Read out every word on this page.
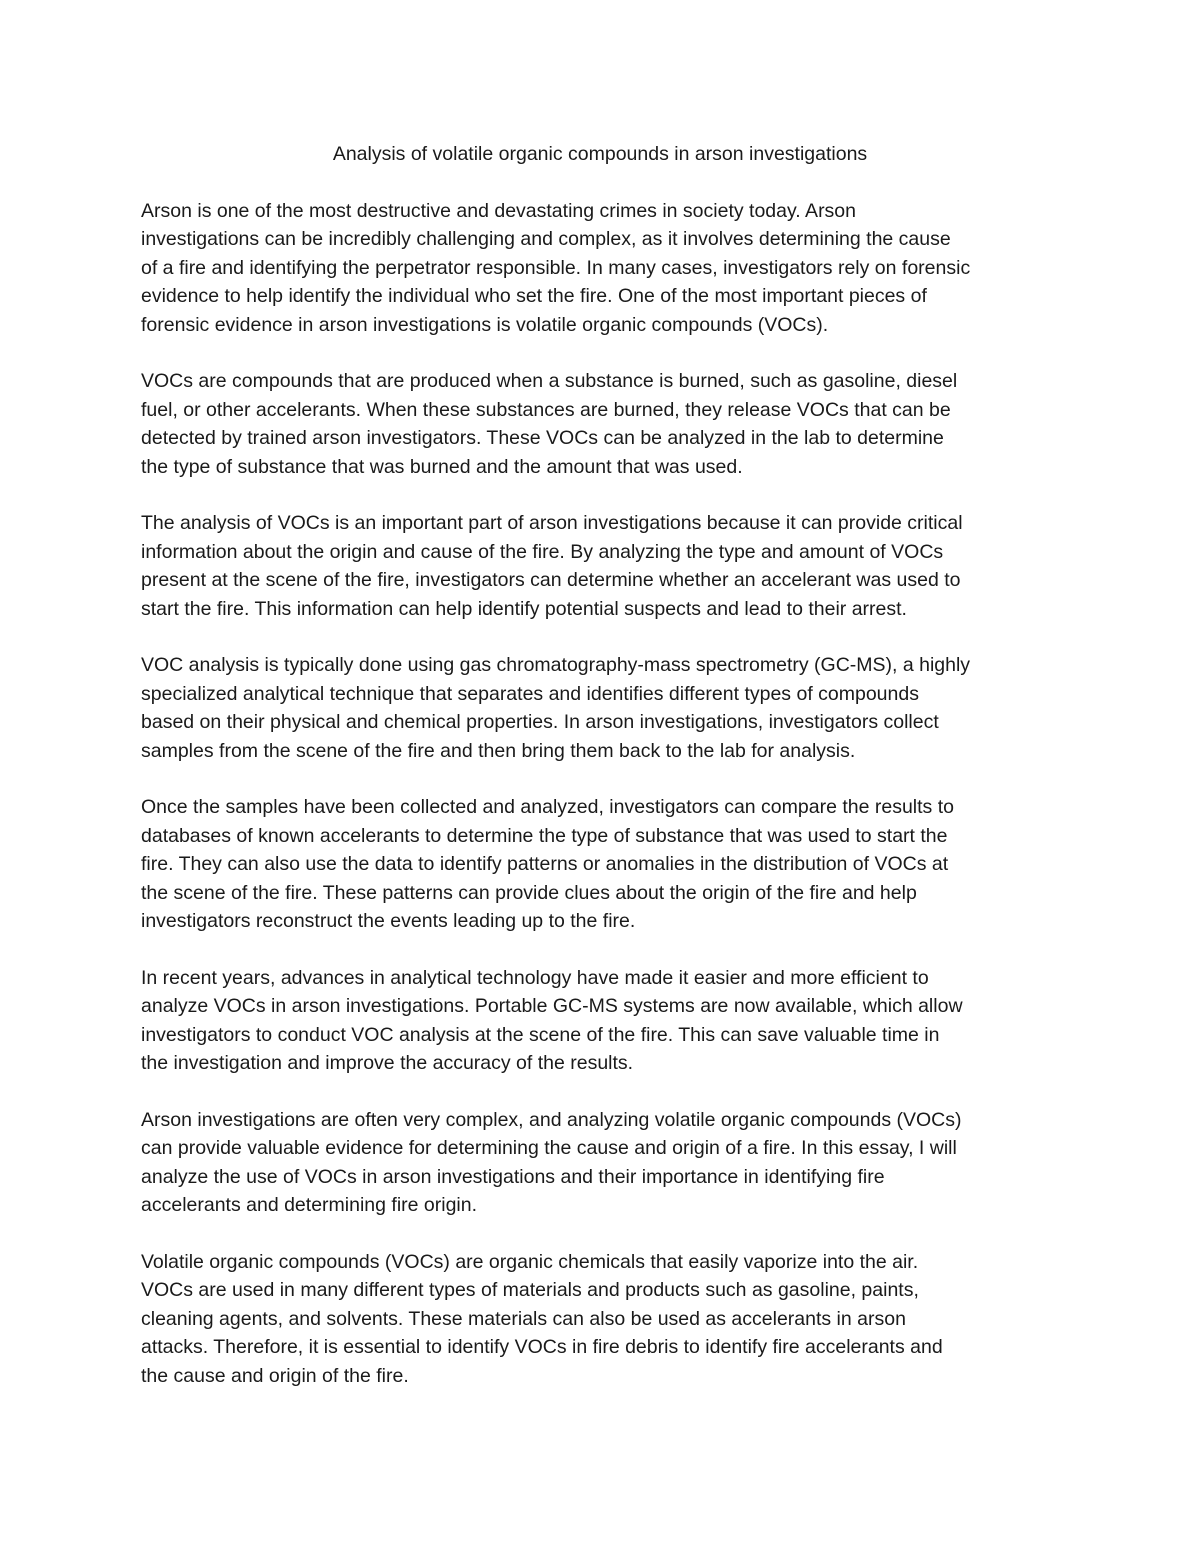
Analysis of volatile organic compounds in arson investigations

Arson is one of the most destructive and devastating crimes in society today. Arson
investigations can be incredibly challenging and complex, as it involves determining the cause
of a fire and identifying the perpetrator responsible. In many cases, investigators rely on forensic
evidence to help identify the individual who set the fire. One of the most important pieces of
forensic evidence in arson investigations is volatile organic compounds (VOCs).

VOCs are compounds that are produced when a substance is burned, such as gasoline, diesel
fuel, or other accelerants. When these substances are burned, they release VOCs that can be
detected by trained arson investigators. These VOCs can be analyzed in the lab to determine
the type of substance that was burned and the amount that was used.

The analysis of VOCs is an important part of arson investigations because it can provide critical
information about the origin and cause of the fire. By analyzing the type and amount of VOCs
present at the scene of the fire, investigators can determine whether an accelerant was used to
start the fire. This information can help identify potential suspects and lead to their arrest.

VOC analysis is typically done using gas chromatography-mass spectrometry (GC-MS), a highly
specialized analytical technique that separates and identifies different types of compounds
based on their physical and chemical properties. In arson investigations, investigators collect
samples from the scene of the fire and then bring them back to the lab for analysis.

Once the samples have been collected and analyzed, investigators can compare the results to
databases of known accelerants to determine the type of substance that was used to start the
fire. They can also use the data to identify patterns or anomalies in the distribution of VOCs at
the scene of the fire. These patterns can provide clues about the origin of the fire and help
investigators reconstruct the events leading up to the fire.

In recent years, advances in analytical technology have made it easier and more efficient to
analyze VOCs in arson investigations. Portable GC-MS systems are now available, which allow
investigators to conduct VOC analysis at the scene of the fire. This can save valuable time in
the investigation and improve the accuracy of the results.

Arson investigations are often very complex, and analyzing volatile organic compounds (VOCs)
can provide valuable evidence for determining the cause and origin of a fire. In this essay, I will
analyze the use of VOCs in arson investigations and their importance in identifying fire
accelerants and determining fire origin.

Volatile organic compounds (VOCs) are organic chemicals that easily vaporize into the air.
VOCs are used in many different types of materials and products such as gasoline, paints,
cleaning agents, and solvents. These materials can also be used as accelerants in arson
attacks. Therefore, it is essential to identify VOCs in fire debris to identify fire accelerants and
the cause and origin of the fire.
